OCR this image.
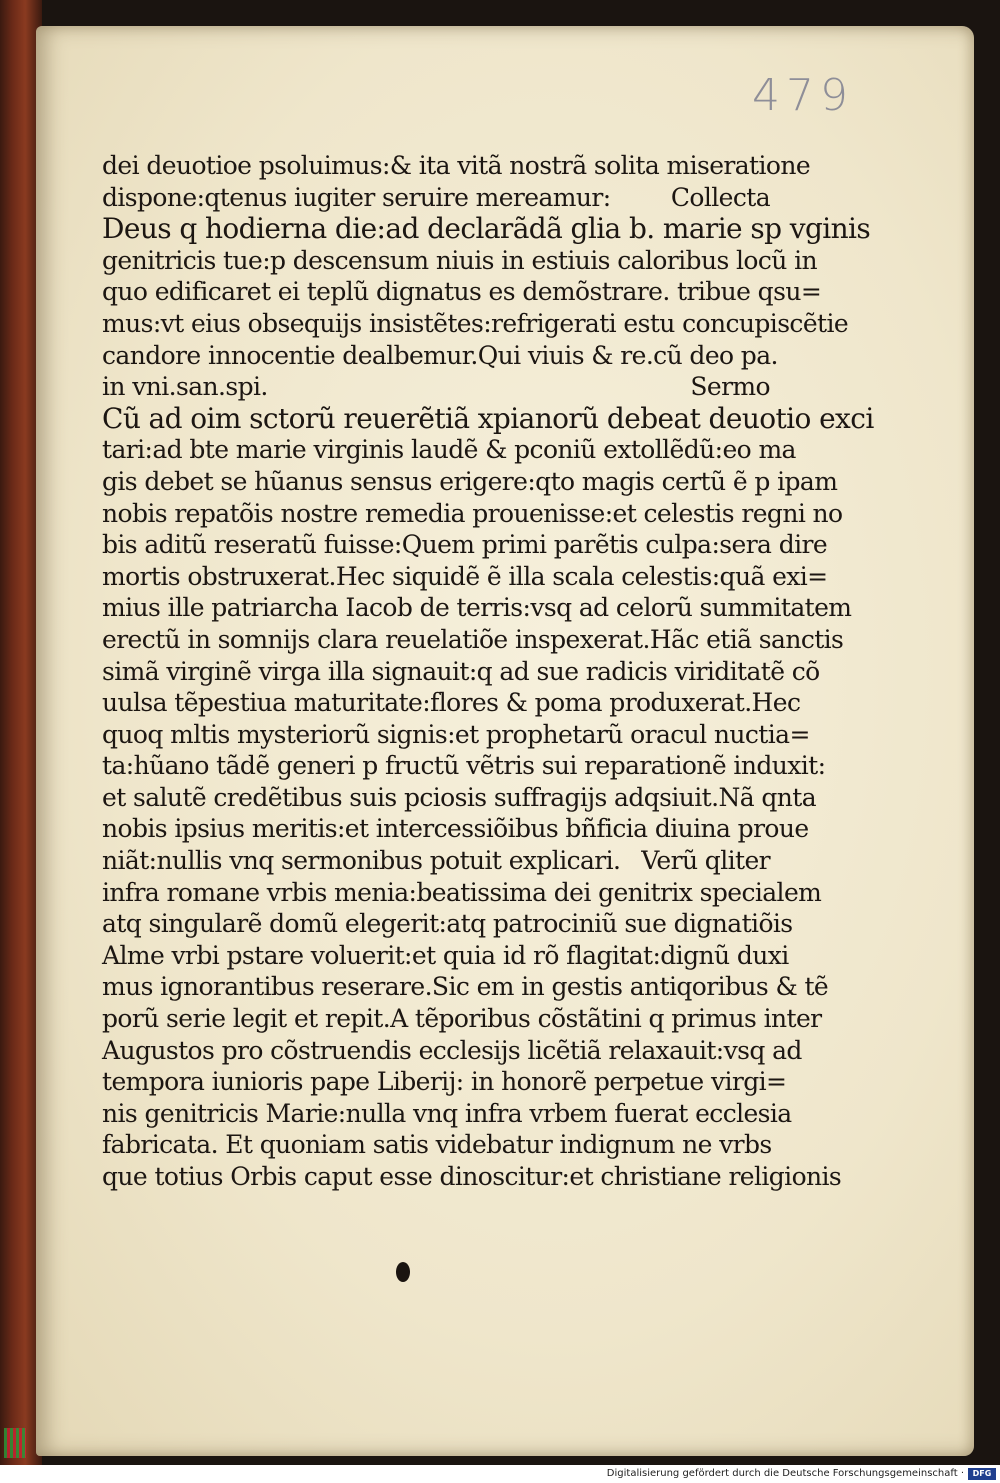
479
dei deuotioe psoluimus:& ita vitã nostrã solita miseratione
dispone:qtenus iugiter seruire mereamur: Collecta
Deus q hodierna die:ad declarãdã glia b. marie sp vginis
genitricis tue:p descensum niuis in estiuis caloribus locũ in
quo edificaret ei teplũ dignatus es demõstrare. tribue qsu=
mus:vt eius obsequijs insistẽtes:refrigerati estu concupiscẽtie
candore innocentie dealbemur.Qui viuis & re.cũ deo pa.
in vni.san.spi.	Sermo
Cũ ad oim sctorũ reuerẽtiã xpianorũ debeat deuotio exci
tari:ad bte marie virginis laudẽ & pconiũ extollẽdũ:eo ma
gis debet se hũanus sensus erigere:qto magis certũ ẽ p ipam
nobis repatõis nostre remedia prouenisse:et celestis regni no
bis aditũ reseratũ fuisse:Quem primi parẽtis culpa:sera dire
mortis obstruxerat.Hec siquidẽ ẽ illa scala celestis:quã exi=
mius ille patriarcha Iacob de terris:vsq ad celorũ summitatem
erectũ in somnijs clara reuelatiõe inspexerat.Hãc etiã sanctis
simã virginẽ virga illa signauit:q ad sue radicis viriditatẽ cõ
uulsa tẽpestiua maturitate:flores & poma produxerat.Hec
quoq mltis mysteriorũ signis:et prophetarũ oracul nuctia=
ta:hũano tãdẽ generi p fructũ vẽtris sui reparationẽ induxit:
et salutẽ credẽtibus suis pciosis suffragijs adqsiuit.Nã qnta
nobis ipsius meritis:et intercessiõibus bñficia diuina proue
niãt:nullis vnq sermonibus potuit explicari. Verũ qliter
infra romane vrbis menia:beatissima dei genitrix specialem
atq singularẽ domũ elegerit:atq patrociniũ sue dignatiõis
Alme vrbi pstare voluerit:et quia id rõ flagitat:dignũ duxi
mus ignorantibus reserare.Sic em in gestis antiqoribus & tẽ
porũ serie legit et repit.A tẽporibus cõstãtini q primus inter
Augustos pro cõstruendis ecclesijs licẽtiã relaxauit:vsq ad
tempora iunioris pape Liberij: in honorẽ perpetue virgi=
nis genitricis Marie:nulla vnq infra vrbem fuerat ecclesia
fabricata. Et quoniam satis videbatur indignum ne vrbs
que totius Orbis caput esse dinoscitur:et christiane religionis
Digitalisierung gefördert durch die Deutsche Forschungsgemeinschaft ·	DFG
